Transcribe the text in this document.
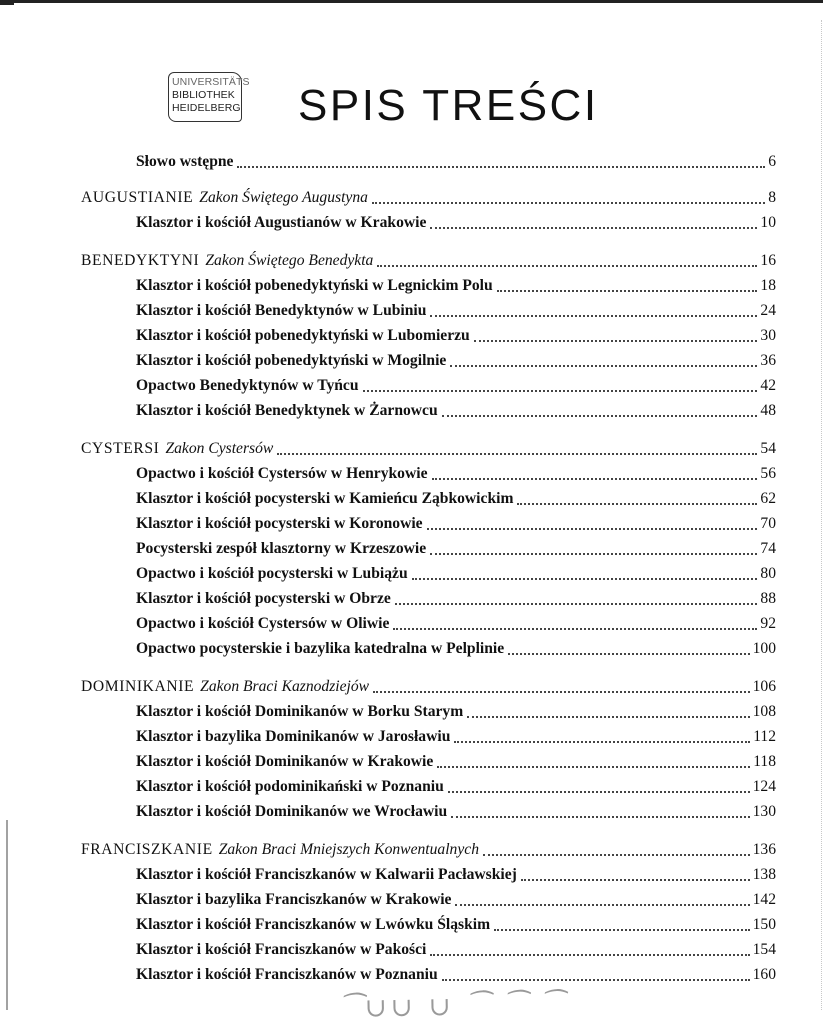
UNIVERSITÄTS
BIBLIOTHEK
HEIDELBERG SPIS TREŚCI
Słowo wstępne	6
AUGUSTIANIE Zakon Świętego Augustyna	8
Klasztor i kościół Augustianów w Krakowie	10
BENEDYKTYNI Zakon Świętego Benedykta	16
Klasztor i kościół pobenedyktyński w Legnickim Polu	18
Klasztor i kościół Benedyktynów w Lubiniu	24
Klasztor i kościół pobenedyktyński w Lubomierzu	30
Klasztor i kościół pobenedyktyński w Mogilnie	36
Opactwo Benedyktynów w Tyńcu	42
Klasztor i kościół Benedyktynek w Żarnowcu	48
CYSTERSI Zakon Cystersów	54
Opactwo i kościół Cystersów w Henrykowie	56
Klasztor i kościół pocysterski w Kamieńcu Ząbkowickim	62
Klasztor i kościół pocysterski w Koronowie	70
Pocysterski zespół klasztorny w Krzeszowie	74
Opactwo i kościół pocysterski w Lubiążu	80
Klasztor i kościół pocysterski w Obrze	88
Opactwo i kościół Cystersów w Oliwie	92
Opactwo pocysterskie i bazylika katedralna w Pelplinie	100
DOMINIKANIE Zakon Braci Kaznodziejów	106
Klasztor i kościół Dominikanów w Borku Starym	108
Klasztor i bazylika Dominikanów w Jarosławiu	112
Klasztor i kościół Dominikanów w Krakowie	118
Klasztor i kościół podominikański w Poznaniu	124
Klasztor i kościół Dominikanów we Wrocławiu	130
FRANCISZKANIE Zakon Braci Mniejszych Konwentualnych	136
Klasztor i kościół Franciszkanów w Kalwarii Pacławskiej	138
Klasztor i bazylika Franciszkanów w Krakowie	142
Klasztor i kościół Franciszkanów w Lwówku Śląskim	150
Klasztor i kościół Franciszkanów w Pakości	154
Klasztor i kościół Franciszkanów w Poznaniu	160
⁀∪∪ ∪ ⁀ ⁀ ⁀
